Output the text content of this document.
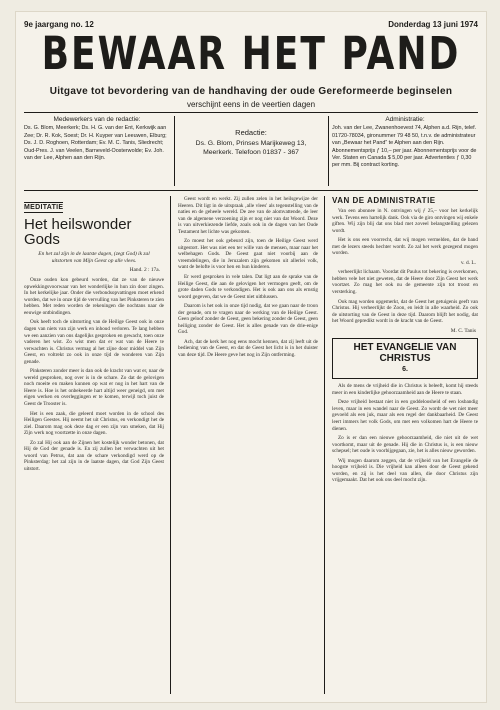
9e jaargang no. 12	Donderdag 13 juni 1974
BEWAAR HET PAND
Uitgave tot bevordering van de handhaving der oude Gereformeerde beginselen
verschijnt eens in de veertien dagen
Medewerkers van de redactie:
Ds. G. Blom, Meerkerk; Ds. H. G. van der Ent, Kerkwijk aan Zee; Dr. R. Kok, Soest; Dr. H. Kuyper van Leeuwen, Elburg; Ds. J. D. Roghoen, Rotterdam; Ev. M. C. Tanis, Sliedrecht; Oud-Pres. J. van Veelen, Barneveld-Oosterwolde; Ev. Joh. van der Lee, Alphen aan den Rijn.
Redactie:
Ds. G. Blom, Prinses Marijkeweg 13,
Meerkerk. Telefoon 01837 - 367
Administratie:
Joh. van der Lee, Zwanenhoevest 74, Alphen a.d. Rijn, telef. 01720-78034, gironummer 79 48 50, t.n.v. de administrateur van „Bewaar het Pand” te Alphen aan den Rijn. Abonnementsprijs ƒ 10,– per jaar. Abonnementsprijs voor de Ver. Staten en Canada $ 5,00 per jaar. Advertenties ƒ 0,30 per mm. Bij contract korting.
MEDITATIE
Het heilswonder Gods
En het zal zijn in de laatste dagen, (zegt God) ik zal uitstorten van Mijn Geest op alle vlees.
Hand. 2 : 17a.

Onze ouden kon gebeurd worden, dat ze van de nieuwe opwekkingsvoorwaar van het wonderlijke in hun zin door zingen. In het kerkelijke jaar. Onder die verbondsopvattingen moet erkend worden, dat we in onze tijd de vervulling van het Pinksteren te zien hebben. Met reden worden de rekeningen die nochtans naar de eeuwige ontbindingen.

Ook heeft toch de uitstorting van de Heilige Geest ook in onze dagen van niets van zijn werk en inhoud verloren. Te lang hebben we een aanzien van ons dagelijks gesproken en gewacht, toen onze vaderen het wist. Zo wist men dat er wat van de Heere te verwachten is. Christus vermag al het zijne door middel van Zijn Geest, en voltrekt zo ook in onze tijd de wonderen van Zijn genade.

Pinksteren zonder meer is dan ook de kracht van wat er, naar de wereld gesproken, nog over is in de schare. Zo dat de gelovigen noch moeite en maken kunnen op wat er nog in het hart van de Heere is. Hoe is het onbekeerde hart altijd weer geneigd, om met eigen werken en overleggingen er te komen, terwijl toch juist de Geest de Trooster is.

Het is een zaak, die geleerd moet worden in de school des Heiligen Geestes. Hij neemt het uit Christus, en verkondigt het de ziel. Daarom mag ook deze dag er een zijn van smeken, dat Hij Zijn werk nog voortzette in onze dagen.

Zo zal Hij ook aan de Zijnen het kostelijk wonder betonen, dat Hij de God der genade is. En zij zullen het verwachten uit het woord van Petrus, dat aan de schare verkondigd werd op de Pinksterdag: het zal zijn in de laatste dagen, dat God Zijn Geest uitstort.

Geest wordt en werkt. Zij zullen zelen in het heilsgewijze der Heeren. Dit ligt in de uitspraak ‚alle vlees' als tegenstelling van de naties en de geheele wereld. De zee van de alomvattende, de leer van de algemene verzoening zijn er nog niet van dat Woord. Deze is van uitverkiezende liefde, zoals ook in de dagen van het Oude Testament het lichte was gekomen.

Zo moest het ook gebeurd zijn, toen de Heilige Geest werd uitgestort. Het was niet een ter wille van de mensen, maar naar het welbehagen Gods. De Geest gaat niet voorbij aan de vreemdelingen, die in Jeruzalem zijn gekomen uit allerlei volk, want de belofte is voor hen en hun kinderen.

Er werd gesproken in vele talen. Dat ligt aan de sprake van de Heilige Geest, die aan de gelovigen het vermogen geeft, om de grote daden Gods te verkondigen. Het is ook aan ons als ernstig woord gegeven, dat we de Geest niet uitblussen.

Daarom is het ook in onze tijd nodig, dat we gaan naar de troon der genade, om te vragen naar de werking van de Heilige Geest. Geen geloof zonder de Geest, geen bekering zonder de Geest, geen heiliging zonder de Geest. Het is alles genade van de drie-enige God.

Ach, dat de kerk het nog eens mocht kennen, dat zij leeft uit de bediening van de Geest, en dat de Geest het licht is in het duister van deze tijd. De Heere geve het nog in Zijn ontferming.

VAN DE ADMINISTRATIE

Van een abonnee in N. ontvingen wij ƒ 25,– voor het kerkelijk werk. Tevens een hartelijk dank. Ook via de giro ontvingen wij enkele giften. Wij zijn blij dat ons blad met zoveel belangstelling gelezen wordt.

Het is ons een voorrecht, dat wij mogen vermelden, dat de band met de lezers steeds hechter wordt. Zo zal het werk gezegend mogen worden.

v. d. L.

verheerlijkt lichaam. Voordat dit Paulus tot bekering is overkomen, hebben vele het niet geweten, dat de Heere door Zijn Geest het werk voortzet. Zo mag het ook nu de gemeente zijn tot troost en versterking.

Ook mag worden opgemerkt, dat de Geest het getuigenis geeft van Christus. Hij verheerlijkt de Zoon, en leidt in alle waarheid. Zo ook de uitstorting van de Geest in deze tijd. Daarom blijft het nodig, dat het Woord gepredikt wordt in de kracht van de Geest.

M. C. Tanis
HET EVANGELIE VAN CHRISTUS
6.

Als de mens de vrijheid die in Christus is beleeft, komt hij steeds meer in een kinderlijke gehoorzaamheid aan de Heere te staan.

Deze vrijheid bestaat niet in een goddeloosheid of een losbandig leven, maar in een wandel naar de Geest. Zo wordt de wet niet meer gevoeld als een juk, maar als een regel der dankbaarheid. De Geest leert immers het volk Gods, om met een volkomen hart de Heere te dienen.

Zo is er dan een nieuwe gehoorzaamheid, die niet uit de wet voortkomt, maar uit de genade. Hij die in Christus is, is een nieuw schepsel; het oude is voorbijgegaan, zie, het is alles nieuw geworden.

Wij mogen daarom zeggen, dat de vrijheid van het Evangelie de hoogste vrijheid is. Die vrijheid kan alleen door de Geest gekend worden, en zij is het deel van allen, die door Christus zijn vrijgemaakt. Dat het ook ons deel mocht zijn.
